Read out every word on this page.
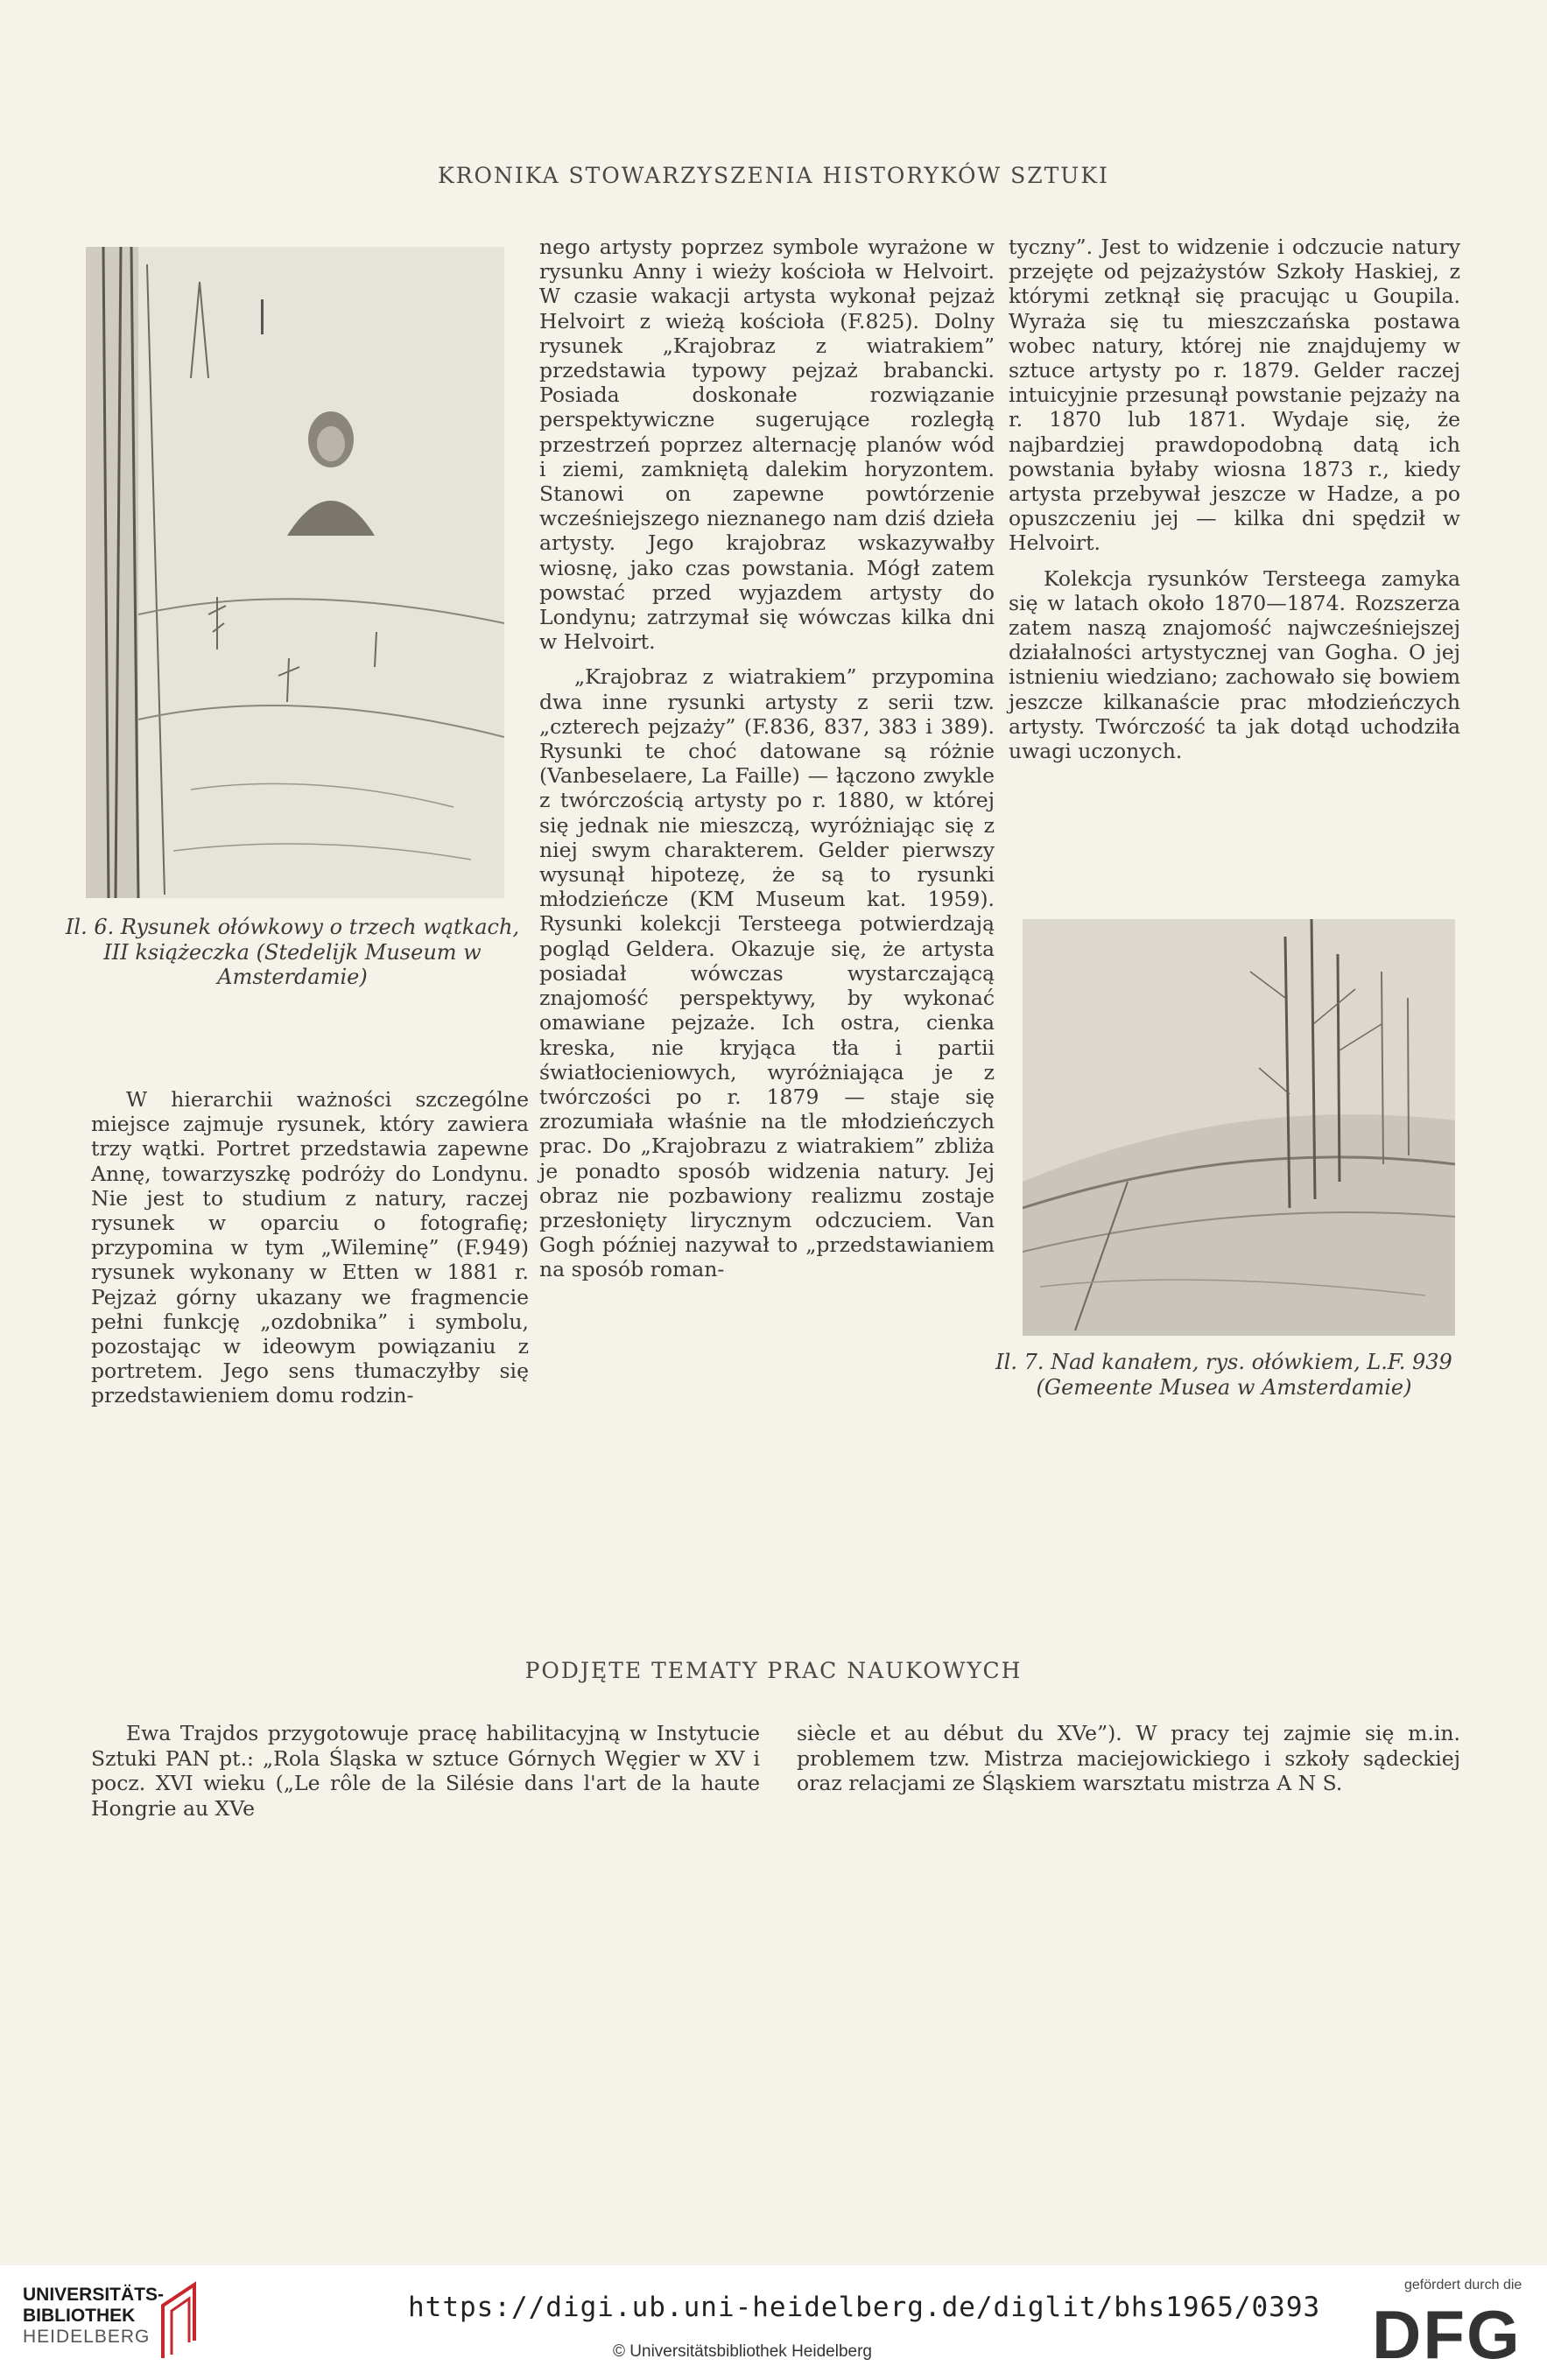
KRONIKA STOWARZYSZENIA HISTORYKÓW SZTUKI
Il. 6. Rysunek ołówkowy o trzech wątkach, III książeczka (Stedelijk Museum w Amsterdamie)

W hierarchii ważności szczególne miejsce zajmuje rysunek, który zawiera trzy wątki. Portret przedstawia zapewne Annę, towarzyszkę podróży do Londynu. Nie jest to studium z natury, raczej rysunek w oparciu o fotografię; przypomina w tym „Wileminę” (F.949) rysunek wykonany w Etten w 1881 r. Pejzaż górny ukazany we fragmencie pełni funkcję „ozdobnika” i symbolu, pozostając w ideowym powiązaniu z portretem. Jego sens tłumaczyłby się przedstawieniem domu rodzin-

nego artysty poprzez symbole wyrażone w rysunku Anny i wieży kościoła w Helvoirt. W czasie wakacji artysta wykonał pejzaż Helvoirt z wieżą kościoła (F.825). Dolny rysunek „Krajobraz z wiatrakiem” przedstawia typowy pejzaż brabancki. Posiada doskonałe rozwiązanie perspektywiczne sugerujące rozległą przestrzeń poprzez alternację planów wód i ziemi, zamkniętą dalekim horyzontem. Stanowi on zapewne powtórzenie wcześniejszego nieznanego nam dziś dzieła artysty. Jego krajobraz wskazywałby wiosnę, jako czas powstania. Mógł zatem powstać przed wyjazdem artysty do Londynu; zatrzymał się wówczas kilka dni w Helvoirt.

„Krajobraz z wiatrakiem” przypomina dwa inne rysunki artysty z serii tzw. „czterech pejzaży” (F.836, 837, 383 i 389). Rysunki te choć datowane są różnie (Vanbeselaere, La Faille) — łączono zwykle z twórczością artysty po r. 1880, w której się jednak nie mieszczą, wyróżniając się z niej swym charakterem. Gelder pierwszy wysunął hipotezę, że są to rysunki młodzieńcze (KM Museum kat. 1959). Rysunki kolekcji Tersteega potwierdzają pogląd Geldera. Okazuje się, że artysta posiadał wówczas wystarczającą znajomość perspektywy, by wykonać omawiane pejzaże. Ich ostra, cienka kreska, nie kryjąca tła i partii światłocieniowych, wyróżniająca je z twórczości po r. 1879 — staje się zrozumiała właśnie na tle młodzieńczych prac. Do „Krajobrazu z wiatrakiem” zbliża je ponadto sposób widzenia natury. Jej obraz nie pozbawiony realizmu zostaje przesłonięty lirycznym odczuciem. Van Gogh później nazywał to „przedstawianiem na sposób roman-

tyczny”. Jest to widzenie i odczucie natury przejęte od pejzażystów Szkoły Haskiej, z którymi zetknął się pracując u Goupila. Wyraża się tu mieszczańska postawa wobec natury, której nie znajdujemy w sztuce artysty po r. 1879. Gelder raczej intuicyjnie przesunął powstanie pejzaży na r. 1870 lub 1871. Wydaje się, że najbardziej prawdopodobną datą ich powstania byłaby wiosna 1873 r., kiedy artysta przebywał jeszcze w Hadze, a po opuszczeniu jej — kilka dni spędził w Helvoirt.

Kolekcja rysunków Tersteega zamyka się w latach około 1870—1874. Rozszerza zatem naszą znajomość najwcześniejszej działalności artystycznej van Gogha. O jej istnieniu wiedziano; zachowało się bowiem jeszcze kilkanaście prac młodzieńczych artysty. Twórczość ta jak dotąd uchodziła uwagi uczonych.

Il. 7. Nad kanałem, rys. ołówkiem, L.F. 939 (Gemeente Musea w Amsterdamie)
PODJĘTE TEMATY PRAC NAUKOWYCH

Ewa Trajdos przygotowuje pracę habilitacyjną w Instytucie Sztuki PAN pt.: „Rola Śląska w sztuce Górnych Węgier w XV i pocz. XVI wieku („Le rôle de la Silésie dans l'art de la haute Hongrie au XVe

siècle et au début du XVe”). W pracy tej zajmie się m.in. problemem tzw. Mistrza maciejowickiego i szkoły sądeckiej oraz relacjami ze Śląskiem warsztatu mistrza A N S.

UNIVERSITÄTS-
BIBLIOTHEK
HEIDELBERG
https://digi.ub.uni-heidelberg.de/diglit/bhs1965/0393
© Universitätsbibliothek Heidelberg
gefördert durch die
DFG
